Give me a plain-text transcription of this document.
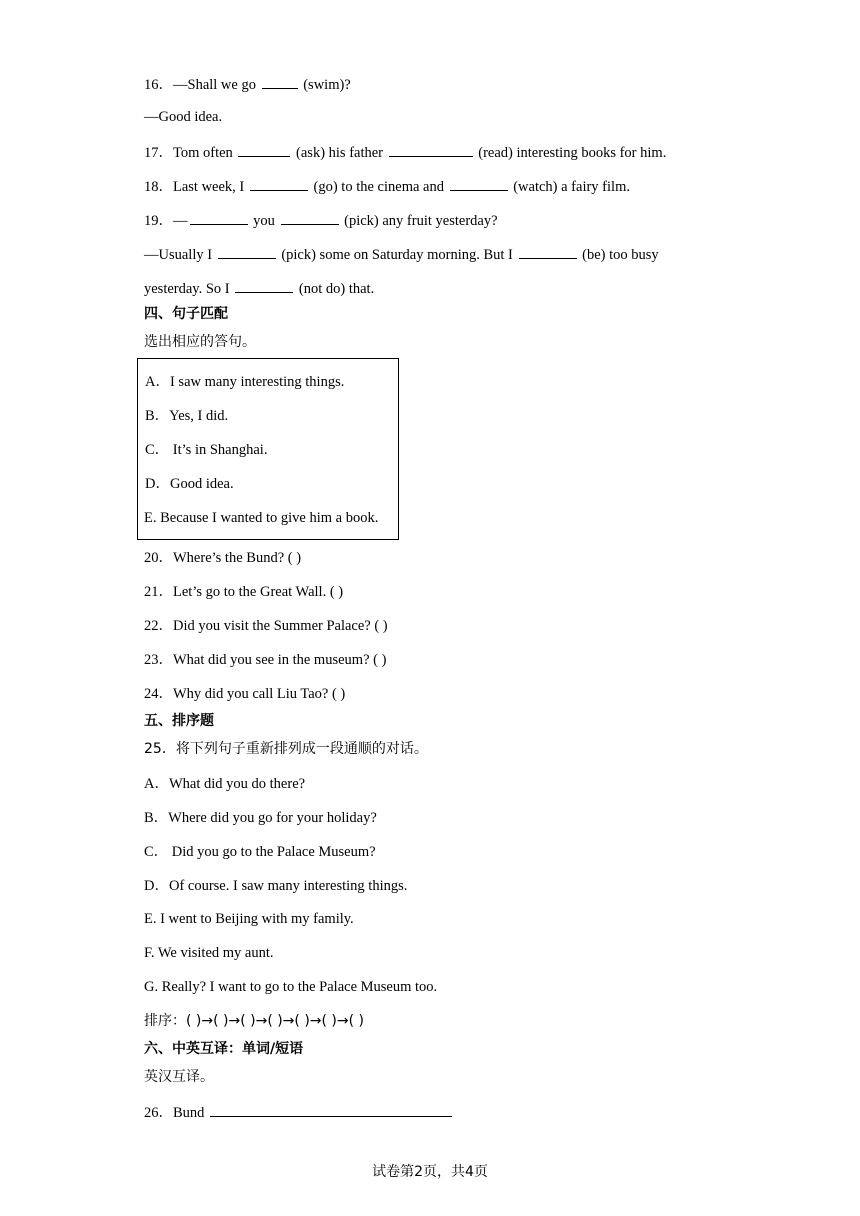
16．—Shall we go	(swim)?
—Good idea.
17．Tom often	(ask) his father	(read) interesting books for him.
18．Last week, I	(go) to the cinema and	(watch) a fairy film.
19．—	you	(pick) any fruit yesterday?
—Usually I	(pick) some on Saturday morning. But I	(be) too busy
yesterday. So I	(not do) that.
四、句子匹配
选出相应的答句。
A．I saw many interesting things.
B．Yes, I did.
C． It’s in Shanghai.
D．Good idea.
E. Because I wanted to give him a book.
20．Where’s the Bund? ( )
21．Let’s go to the Great Wall. ( )
22．Did you visit the Summer Palace? ( )
23．What did you see in the museum? ( )
24．Why did you call Liu Tao? ( )
五、排序题
25．将下列句子重新排列成一段通顺的对话。
A．What did you do there?
B．Where did you go for your holiday?
C． Did you go to the Palace Museum?
D．Of course. I saw many interesting things.
E. I went to Beijing with my family.
F. We visited my aunt.
G. Really? I want to go to the Palace Museum too.
排序：( )→( )→( )→( )→( )→( )→( )
六、中英互译：单词/短语
英汉互译。
26．Bund
试卷第2页，共4页
